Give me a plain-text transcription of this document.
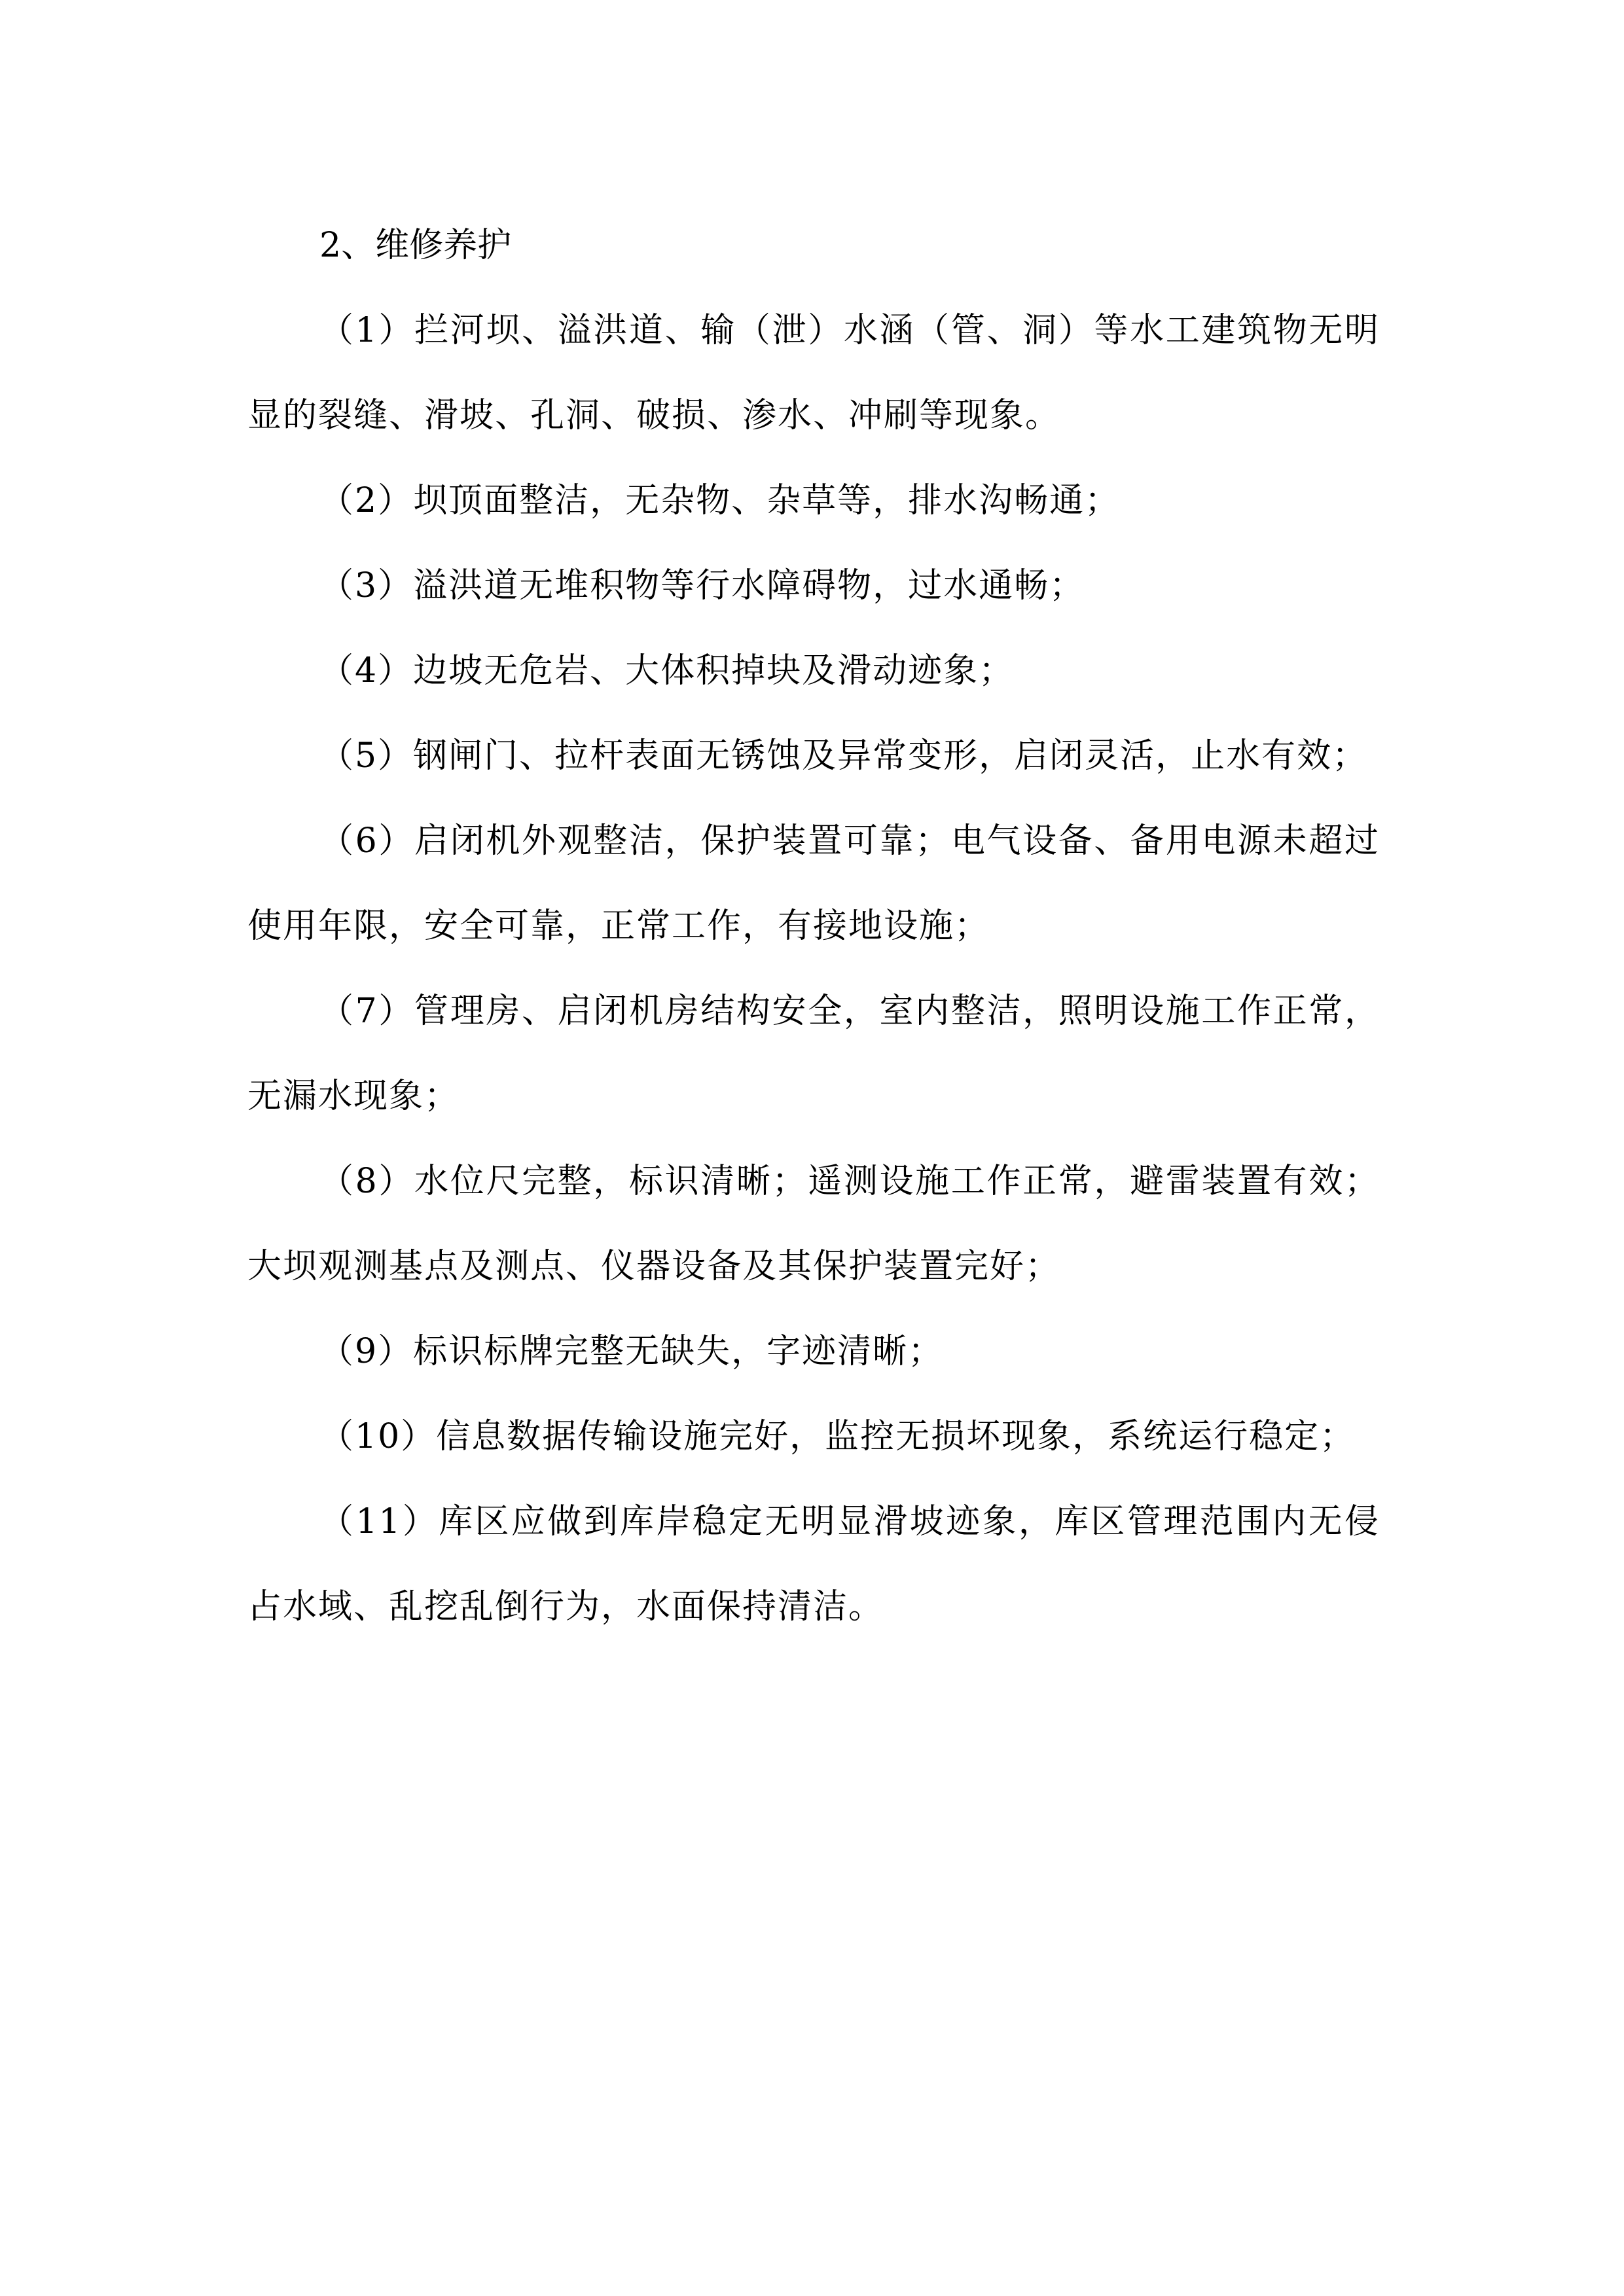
2、维修养护

（1）拦河坝、溢洪道、输（泄）水涵（管、洞）等水工建筑物无明显的裂缝、滑坡、孔洞、破损、渗水、冲刷等现象。

（2）坝顶面整洁，无杂物、杂草等，排水沟畅通；

（3）溢洪道无堆积物等行水障碍物，过水通畅；

（4）边坡无危岩、大体积掉块及滑动迹象；

（5）钢闸门、拉杆表面无锈蚀及异常变形，启闭灵活，止水有效；

（6）启闭机外观整洁，保护装置可靠；电气设备、备用电源未超过使用年限，安全可靠，正常工作，有接地设施；

（7）管理房、启闭机房结构安全，室内整洁，照明设施工作正常，无漏水现象；

（8）水位尺完整，标识清晰；遥测设施工作正常，避雷装置有效；大坝观测基点及测点、仪器设备及其保护装置完好；

（9）标识标牌完整无缺失，字迹清晰；

（10）信息数据传输设施完好，监控无损坏现象，系统运行稳定；

（11）库区应做到库岸稳定无明显滑坡迹象，库区管理范围内无侵占水域、乱挖乱倒行为，水面保持清洁。
